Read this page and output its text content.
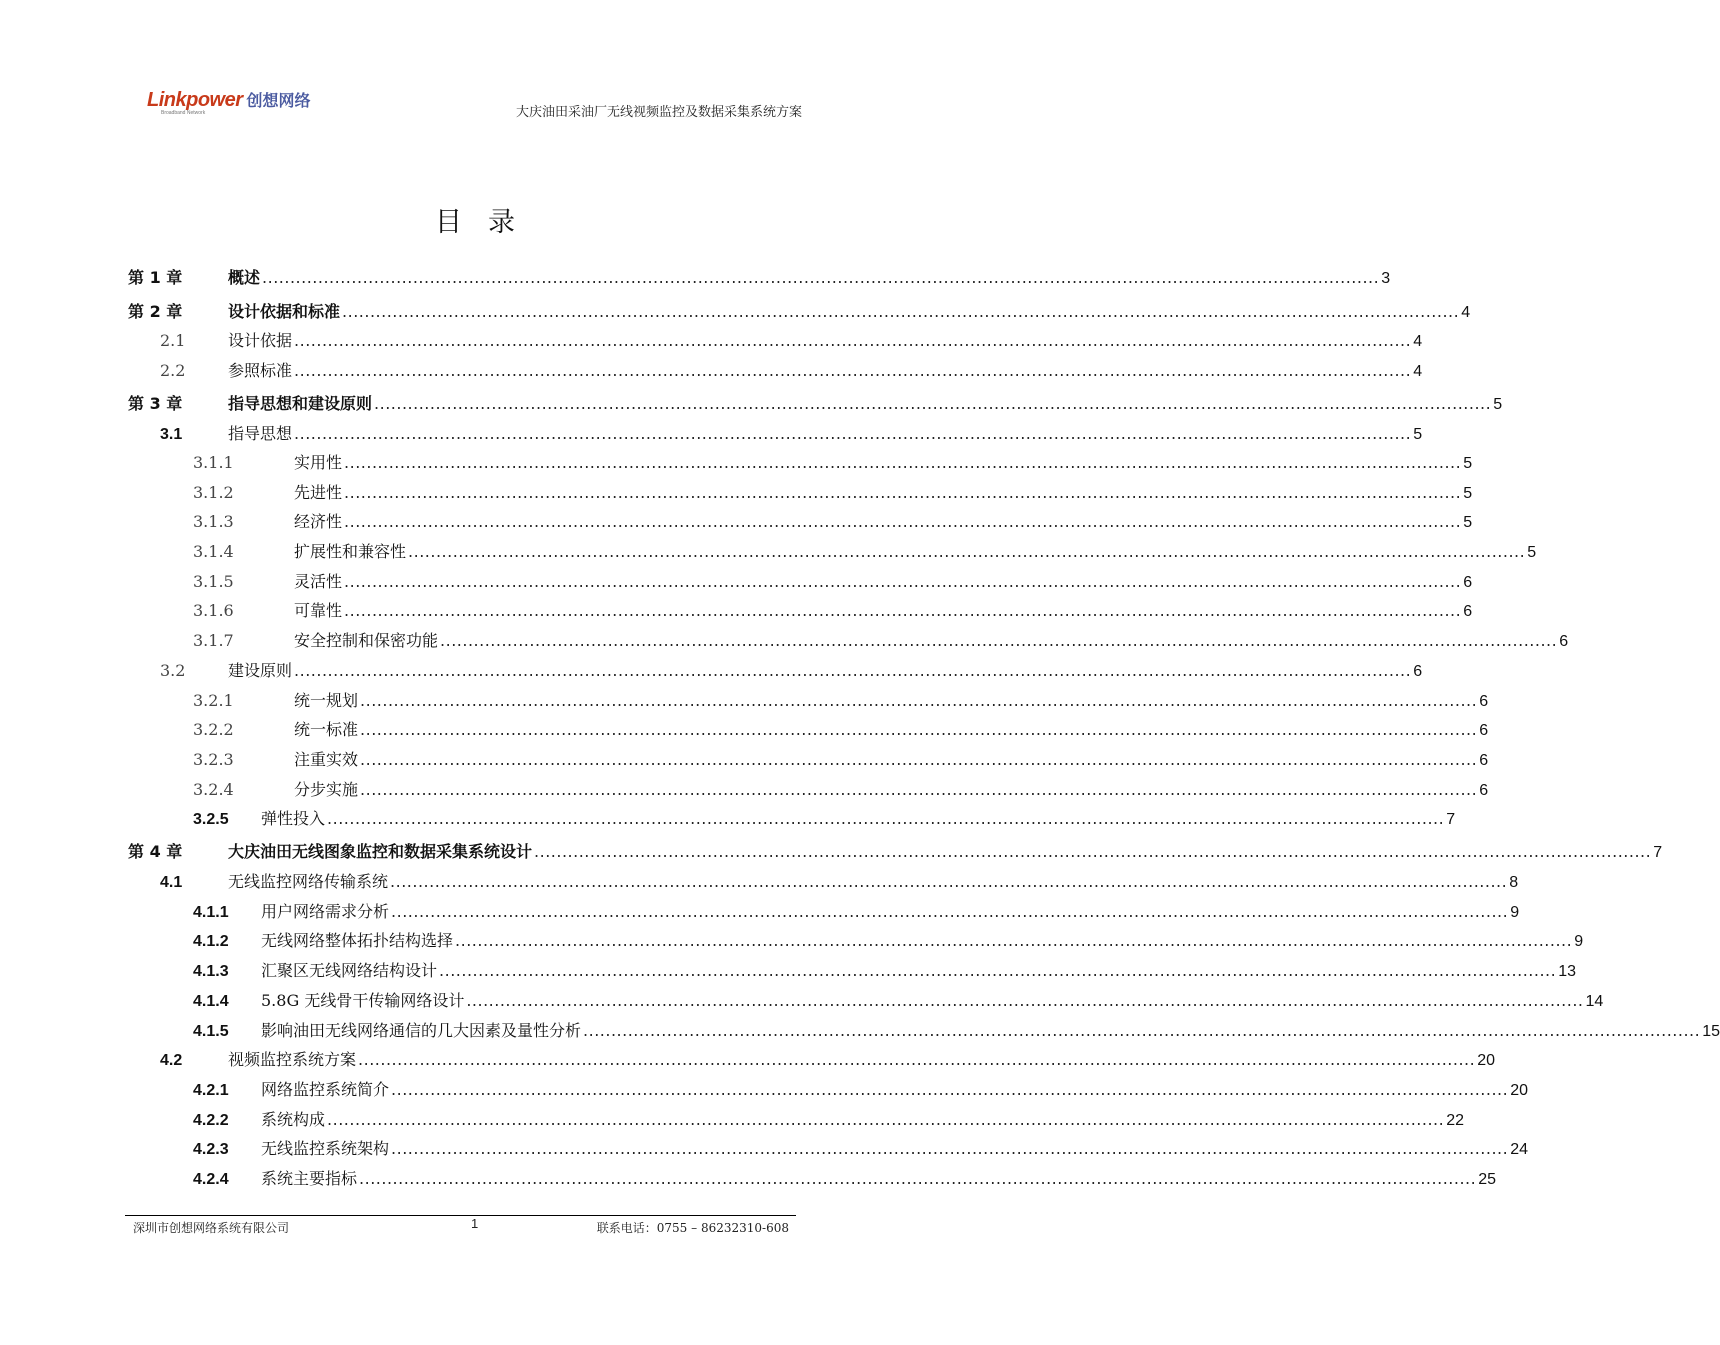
Linkpower 创想网络
Broadband Network	大庆油田采油厂无线视频监控及数据采集系统方案
目录
第 1 章	概述 ........................................................................................................................................................................................................ 3
第 2 章	设计依据和标准 ........................................................................................................................................................................................................ 4
2.1	设计依据 ........................................................................................................................................................................................................ 4
2.2	参照标准 ........................................................................................................................................................................................................ 4
第 3 章	指导思想和建设原则 ........................................................................................................................................................................................................ 5
3.1	指导思想 ........................................................................................................................................................................................................ 5
3.1.1	实用性 ........................................................................................................................................................................................................ 5
3.1.2	先进性 ........................................................................................................................................................................................................ 5
3.1.3	经济性 ........................................................................................................................................................................................................ 5
3.1.4	扩展性和兼容性 ........................................................................................................................................................................................................ 5
3.1.5	灵活性 ........................................................................................................................................................................................................ 6
3.1.6	可靠性 ........................................................................................................................................................................................................ 6
3.1.7	安全控制和保密功能 ........................................................................................................................................................................................................ 6
3.2	建设原则 ........................................................................................................................................................................................................ 6
3.2.1	统一规划 ........................................................................................................................................................................................................ 6
3.2.2	统一标准 ........................................................................................................................................................................................................ 6
3.2.3	注重实效 ........................................................................................................................................................................................................ 6
3.2.4	分步实施 ........................................................................................................................................................................................................ 6
3.2.5	弹性投入 ........................................................................................................................................................................................................ 7
第 4 章	大庆油田无线图象监控和数据采集系统设计 ........................................................................................................................................................................................................ 7
4.1	无线监控网络传输系统 ........................................................................................................................................................................................................ 8
4.1.1	用户网络需求分析 ........................................................................................................................................................................................................ 9
4.1.2	无线网络整体拓扑结构选择 ........................................................................................................................................................................................................ 9
4.1.3	汇聚区无线网络结构设计 ........................................................................................................................................................................................................ 13
4.1.4	5.8G 无线骨干传输网络设计 ........................................................................................................................................................................................................ 14
4.1.5	影响油田无线网络通信的几大因素及量性分析 ........................................................................................................................................................................................................ 15
4.2	视频监控系统方案 ........................................................................................................................................................................................................ 20
4.2.1	网络监控系统简介 ........................................................................................................................................................................................................ 20
4.2.2	系统构成 ........................................................................................................................................................................................................ 22
4.2.3	无线监控系统架构 ........................................................................................................................................................................................................ 24
4.2.4	系统主要指标 ........................................................................................................................................................................................................ 25
深圳市创想网络系统有限公司	1	联系电话：0755 – 86232310-608
